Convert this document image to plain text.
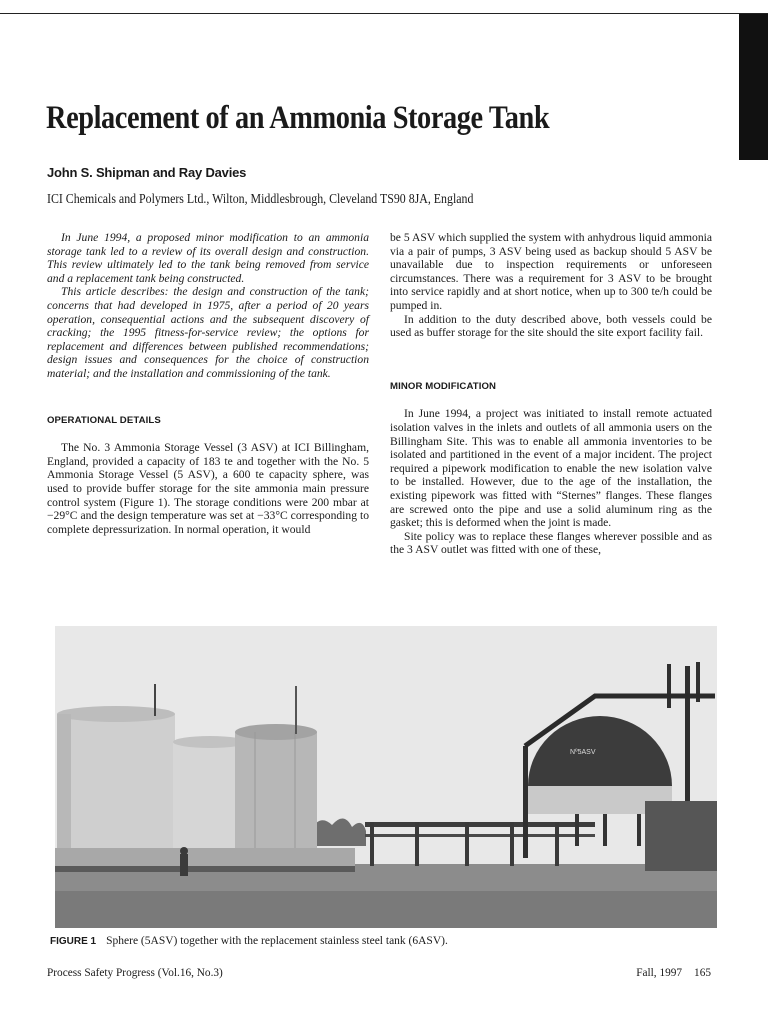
Replacement of an Ammonia Storage Tank
John S. Shipman and Ray Davies
ICI Chemicals and Polymers Ltd., Wilton, Middlesbrough, Cleveland TS90 8JA, England

In June 1994, a proposed minor modification to an ammonia storage tank led to a review of its overall design and construction. This review ultimately led to the tank being removed from service and a replacement tank being constructed.

This article describes: the design and construction of the tank; concerns that had developed in 1975, after a period of 20 years operation, consequential actions and the subsequent discovery of cracking; the 1995 fitness-for-service review; the options for replacement and differences between published recommendations; design issues and consequences for the choice of construction material; and the installation and commissioning of the tank.

OPERATIONAL DETAILS

The No. 3 Ammonia Storage Vessel (3 ASV) at ICI Billingham, England, provided a capacity of 183 te and together with the No. 5 Ammonia Storage Vessel (5 ASV), a 600 te capacity sphere, was used to provide buffer storage for the site ammonia main pressure control system (Figure 1). The storage conditions were 200 mbar at −29°C and the design temperature was set at −33°C corresponding to complete depressurization. In normal operation, it would

be 5 ASV which supplied the system with anhydrous liquid ammonia via a pair of pumps, 3 ASV being used as backup should 5 ASV be unavailable due to inspection requirements or unforeseen circumstances. There was a requirement for 3 ASV to be brought into service rapidly and at short notice, when up to 300 te/h could be pumped in.

In addition to the duty described above, both vessels could be used as buffer storage for the site should the site export facility fail.

MINOR MODIFICATION

In June 1994, a project was initiated to install remote actuated isolation valves in the inlets and outlets of all ammonia users on the Billingham Site. This was to enable all ammonia inventories to be isolated and partitioned in the event of a major incident. The project required a pipework modification to enable the new isolation valve to be installed. However, due to the age of the installation, the existing pipework was fitted with “Sternes” flanges. These flanges are screwed onto the pipe and use a solid aluminum ring as the gasket; this is deformed when the joint is made.

Site policy was to replace these flanges wherever possible and as the 3 ASV outlet was fitted with one of these,

Nº5ASV
FIGURE 1 Sphere (5ASV) together with the replacement stainless steel tank (6ASV).
Process Safety Progress (Vol.16, No.3)	Fall, 1997 165
